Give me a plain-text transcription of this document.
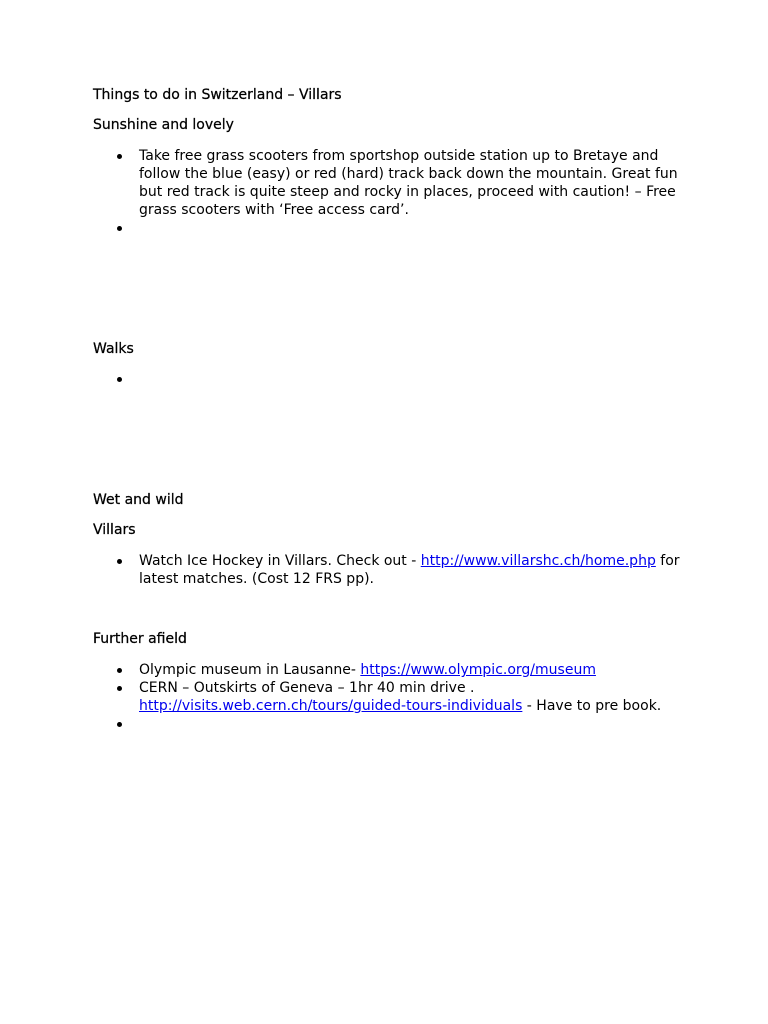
Things to do in Switzerland – Villars
Sunshine and lovely
Take free grass scooters from sportshop outside station up to Bretaye and follow the blue (easy) or red (hard) track back down the mountain. Great fun but red track is quite steep and rocky in places, proceed with caution! – Free grass scooters with ‘Free access card’.
Walks
Wet and wild
Villars
Watch Ice Hockey in Villars. Check out - http://www.villarshc.ch/home.php for latest matches. (Cost 12 FRS pp).
Further afield
Olympic museum in Lausanne- https://www.olympic.org/museum
CERN – Outskirts of Geneva – 1hr 40 min drive . http://visits.web.cern.ch/tours/guided-tours-individuals - Have to pre book.
